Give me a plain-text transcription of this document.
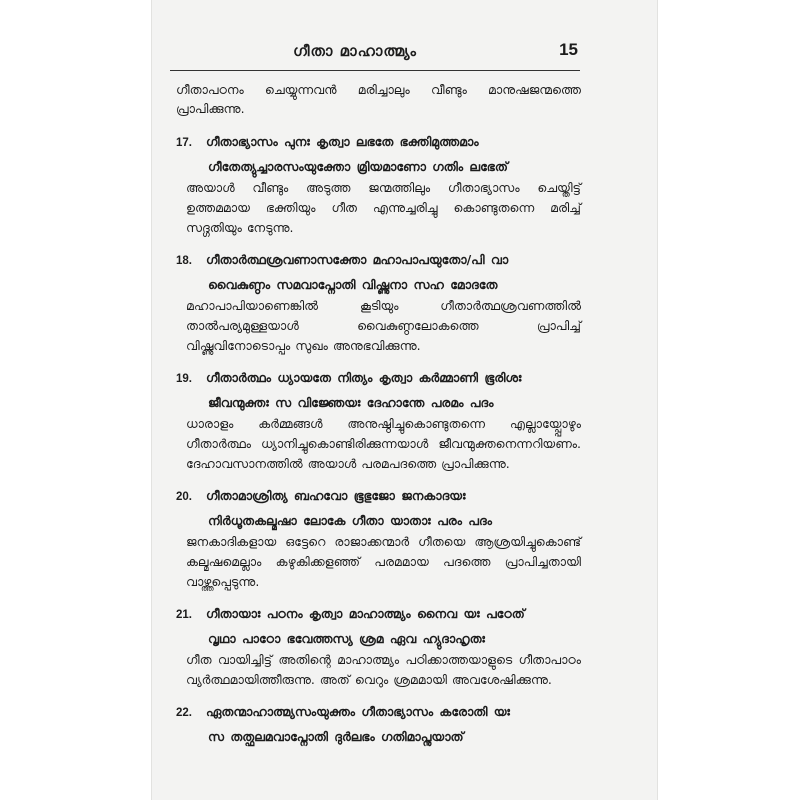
ഗീതാ മാഹാത്മ്യം	15

ഗീതാപഠനം ചെയ്യുന്നവൻ മരിച്ചാലും വീണ്ടും മാനുഷജന്മത്തെ പ്രാപിക്കുന്നു.

17. ഗീതാഭ്യാസം പുനഃ കൃത്വാ ലഭതേ ഭക്തിമുത്തമാം
ഗീതേത്യുച്ചാരസംയുക്തോ മ്രിയമാണോ ഗതിം ലഭേത്
അയാൾ വീണ്ടും അടുത്ത ജന്മത്തിലും ഗീതാഭ്യാസം ചെയ്തിട്ട് ഉത്തമമായ ഭക്തിയും ഗീത എന്നുച്ചരിച്ചു കൊണ്ടുതന്നെ മരിച്ച് സദ്ഗതിയും നേടുന്നു.
18. ഗീതാർത്ഥശ്രവണാസക്തോ മഹാപാപയുതോ/പി വാ
വൈകുണ്ഠം സമവാപ്നോതി വിഷ്ണുനാ സഹ മോദതേ
മഹാപാപിയാണെങ്കിൽ കൂടിയും ഗീതാർത്ഥശ്രവണത്തിൽ താൽപര്യമുള്ളയാൾ വൈകുണ്ഠലോകത്തെ പ്രാപിച്ച് വിഷ്ണുവിനോടൊപ്പം സുഖം അനുഭവിക്കുന്നു.
19. ഗീതാർത്ഥം ധ്യായതേ നിത്യം കൃത്വാ കർമ്മാണി ഭൂരിശഃ
ജീവന്മുക്തഃ സ വിജ്ഞേയഃ ദേഹാന്തേ പരമം പദം
ധാരാളം കർമ്മങ്ങൾ അനുഷ്ഠിച്ചുകൊണ്ടുതന്നെ എല്ലായ്പ്പോഴും ഗീതാർത്ഥം ധ്യാനിച്ചുകൊണ്ടിരിക്കുന്നയാൾ ജീവന്മുക്തനെന്നറിയണം. ദേഹാവസാനത്തിൽ അയാൾ പരമപദത്തെ പ്രാപിക്കുന്നു.
20. ഗീതാമാശ്രിത്യ ബഹവോ ഭൂഭുജോ ജനകാദയഃ
നിർധൂതകല്മഷാ ലോകേ ഗീതാ യാതാഃ പരം പദം
ജനകാദികളായ ഒട്ടേറെ രാജാക്കന്മാർ ഗീതയെ ആശ്രയിച്ചുകൊണ്ട് കല്മഷമെല്ലാം കഴുകിക്കളഞ്ഞ് പരമമായ പദത്തെ പ്രാപിച്ചതായി വാഴ്ത്തപ്പെടുന്നു.
21. ഗീതായാഃ പഠനം കൃത്വാ മാഹാത്മ്യം നൈവ യഃ പഠേത്
വൃഥാ പാഠോ ഭവേത്തസ്യ ശ്രമ ഏവ ഹ്യുദാഹൃതഃ
ഗീത വായിച്ചിട്ട് അതിന്റെ മാഹാത്മ്യം പഠിക്കാത്തയാളുടെ ഗീതാപാഠം വ്യർത്ഥമായിത്തീരുന്നു. അത് വെറും ശ്രമമായി അവശേഷിക്കുന്നു.
22. ഏതന്മാഹാത്മ്യസംയുക്തം ഗീതാഭ്യാസം കരോതി യഃ
സ തത്ഫലമവാപ്നോതി ദുർലഭം ഗതിമാപ്നുയാത്
